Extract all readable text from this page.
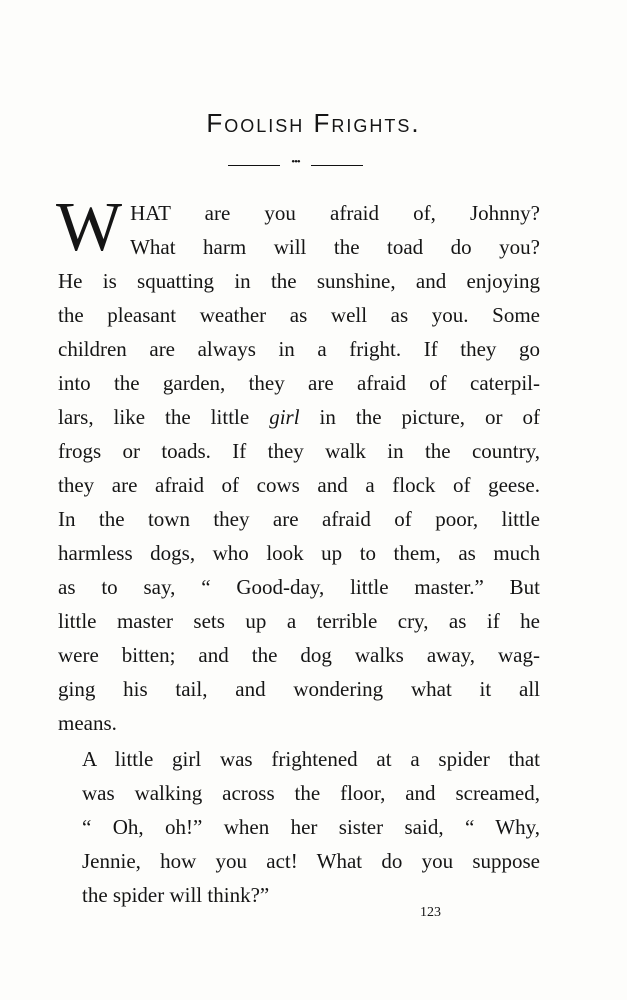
Foolish Frights.
•••

W HAT are you afraid of, Johnny?
What harm will the toad do you?
He is squatting in the sunshine, and enjoying
the pleasant weather as well as you. Some
children are always in a fright. If they go
into the garden, they are afraid of caterpil-
lars, like the little girl in the picture, or of
frogs or toads. If they walk in the country,
they are afraid of cows and a flock of geese.
In the town they are afraid of poor, little
harmless dogs, who look up to them, as much
as to say, “ Good-day, little master.” But
little master sets up a terrible cry, as if he
were bitten; and the dog walks away, wag-
ging his tail, and wondering what it all
means.

A little girl was frightened at a spider that
was walking across the floor, and screamed,
“ Oh, oh!” when her sister said, “ Why,
Jennie, how you act! What do you suppose
the spider will think?”

123
